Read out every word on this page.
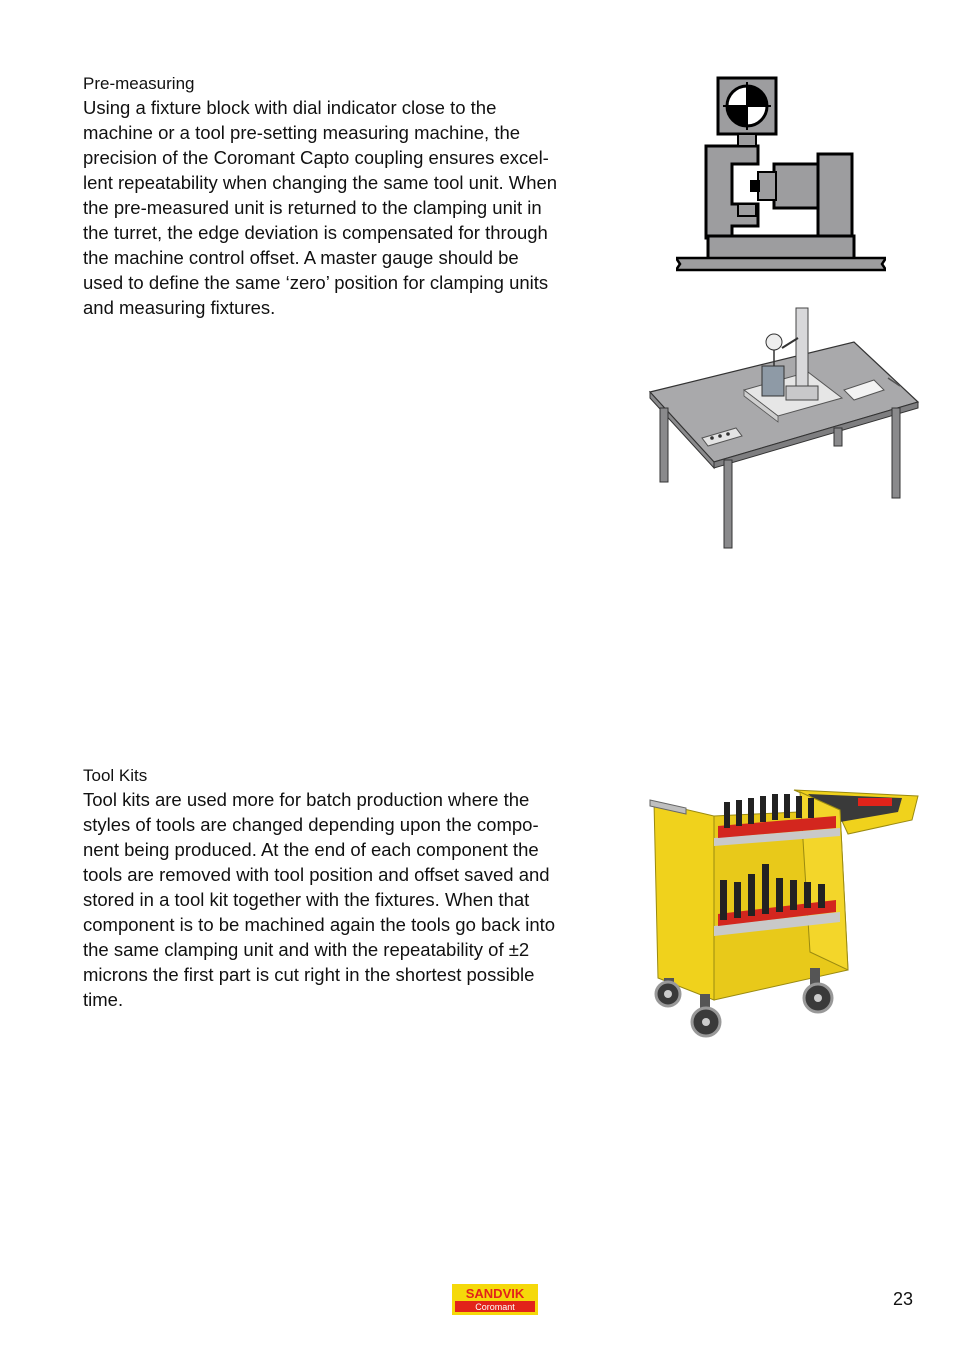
Pre-measuring
Using a fixture block with dial indicator close to the
machine or a tool pre-setting measuring machine, the
precision of the Coromant Capto coupling ensures excel-
lent repeatability when changing the same tool unit. When
the pre-measured unit is returned to the clamping unit in
the turret, the edge deviation is compensated for through
the machine control offset. A master gauge should be
used to define the same ‘zero’ position for clamping units
and measuring fixtures.
Tool Kits
Tool kits are used more for batch production where the
styles of tools are changed depending upon the compo-
nent being produced. At the end of each component the
tools are removed with tool position and offset saved and
stored in a tool kit together with the fixtures. When that
component is to be machined again the tools go back into
the same clamping unit and with the repeatability of ±2
microns the first part is cut right in the shortest possible
time.
SANDVIK
Coromant	23
